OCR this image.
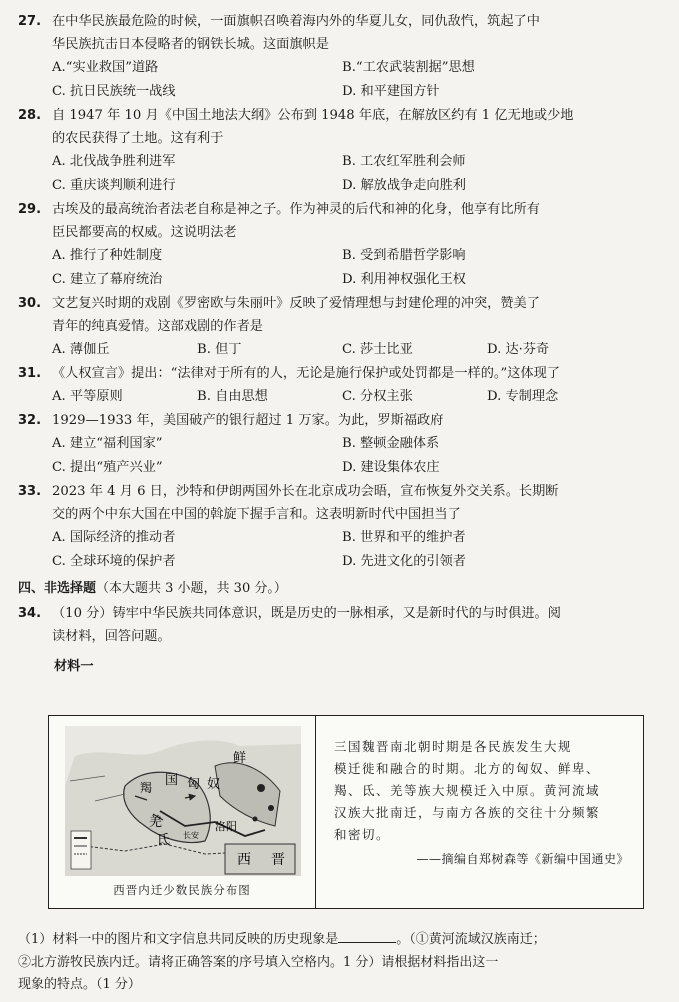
27. 在中华民族最危险的时候，一面旗帜召唤着海内外的华夏儿女，同仇敌忾，筑起了中
华民族抗击日本侵略者的钢铁长城。这面旗帜是
A.“实业救国”道路	B.“工农武装割据”思想
C. 抗日民族统一战线	D. 和平建国方针
28. 自 1947 年 10 月《中国土地法大纲》公布到 1948 年底，在解放区约有 1 亿无地或少地
的农民获得了土地。这有利于
A. 北伐战争胜利进军	B. 工农红军胜利会师
C. 重庆谈判顺利进行	D. 解放战争走向胜利
29. 古埃及的最高统治者法老自称是神之子。作为神灵的后代和神的化身，他享有比所有
臣民都要高的权威。这说明法老
A. 推行了种姓制度	B. 受到希腊哲学影响
C. 建立了幕府统治	D. 利用神权强化王权
30. 文艺复兴时期的戏剧《罗密欧与朱丽叶》反映了爱情理想与封建伦理的冲突，赞美了
青年的纯真爱情。这部戏剧的作者是
A. 薄伽丘	B. 但丁	C. 莎士比亚	D. 达·芬奇
31. 《人权宣言》提出：“法律对于所有的人，无论是施行保护或处罚都是一样的。”这体现了
A. 平等原则	B. 自由思想	C. 分权主张	D. 专制理念
32. 1929—1933 年，美国破产的银行超过 1 万家。为此，罗斯福政府
A. 建立“福利国家”	B. 整顿金融体系
C. 提出“殖产兴业”	D. 建设集体农庄
33. 2023 年 4 月 6 日，沙特和伊朗两国外长在北京成功会晤，宣布恢复外交关系。长期断
交的两个中东大国在中国的斡旋下握手言和。这表明新时代中国担当了
A. 国际经济的推动者	B. 世界和平的维护者
C. 全球环境的保护者	D. 先进文化的引领者
四、非选择题（本大题共 3 小题，共 30 分。）
34. （10 分）铸牢中华民族共同体意识，既是历史的一脉相承，又是新时代的与时俱进。阅
读材料，回答问题。
材料一
鲜
奴
国 匈
羯
羌
氐
洛阳
长安
西 晋
西晋内迁少数民族分布图
三国魏晋南北朝时期是各民族发生大规
模迁徙和融合的时期。北方的匈奴、鲜卑、
羯、氐、羌等族大规模迁入中原。黄河流域
汉族大批南迁，与南方各族的交往十分频繁
和密切。
——摘编自郑树森等《新编中国通史》
（1）材料一中的图片和文字信息共同反映的历史现象是	。（①黄河流域汉族南迁；
②北方游牧民族内迁。请将正确答案的序号填入空格内。1 分）请根据材料指出这一
现象的特点。（1 分）
